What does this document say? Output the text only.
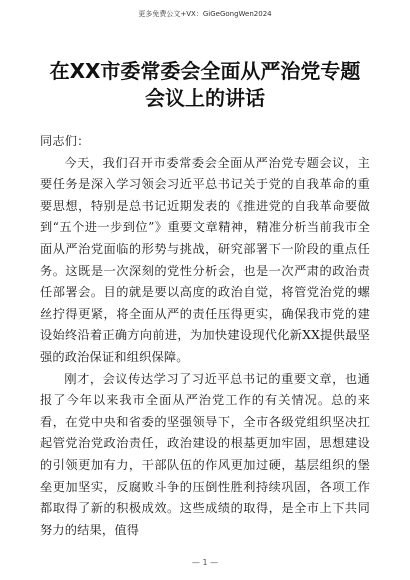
更多免费公文+VX：GiGeGongWen2024
在XX市委常委会全面从严治党专题会议上的讲话

同志们：

今天，我们召开市委常委会全面从严治党专题会议，主要任务是深入学习领会习近平总书记关于党的自我革命的重要思想，特别是总书记近期发表的《推进党的自我革命要做到“五个进一步到位”》重要文章精神，精准分析当前我市全面从严治党面临的形势与挑战，研究部署下一阶段的重点任务。这既是一次深刻的党性分析会，也是一次严肃的政治责任部署会。目的就是要以高度的政治自觉，将管党治党的螺丝拧得更紧，将全面从严的责任压得更实，确保我市党的建设始终沿着正确方向前进，为加快建设现代化新XX提供最坚强的政治保证和组织保障。

刚才，会议传达学习了习近平总书记的重要文章，也通报了今年以来我市全面从严治党工作的有关情况。总的来看，在党中央和省委的坚强领导下，全市各级党组织坚决扛起管党治党政治责任，政治建设的根基更加牢固，思想建设的引领更加有力，干部队伍的作风更加过硬，基层组织的堡垒更加坚实，反腐败斗争的压倒性胜利持续巩固，各项工作都取得了新的积极成效。这些成绩的取得，是全市上下共同努力的结果，值得

— 1 —
